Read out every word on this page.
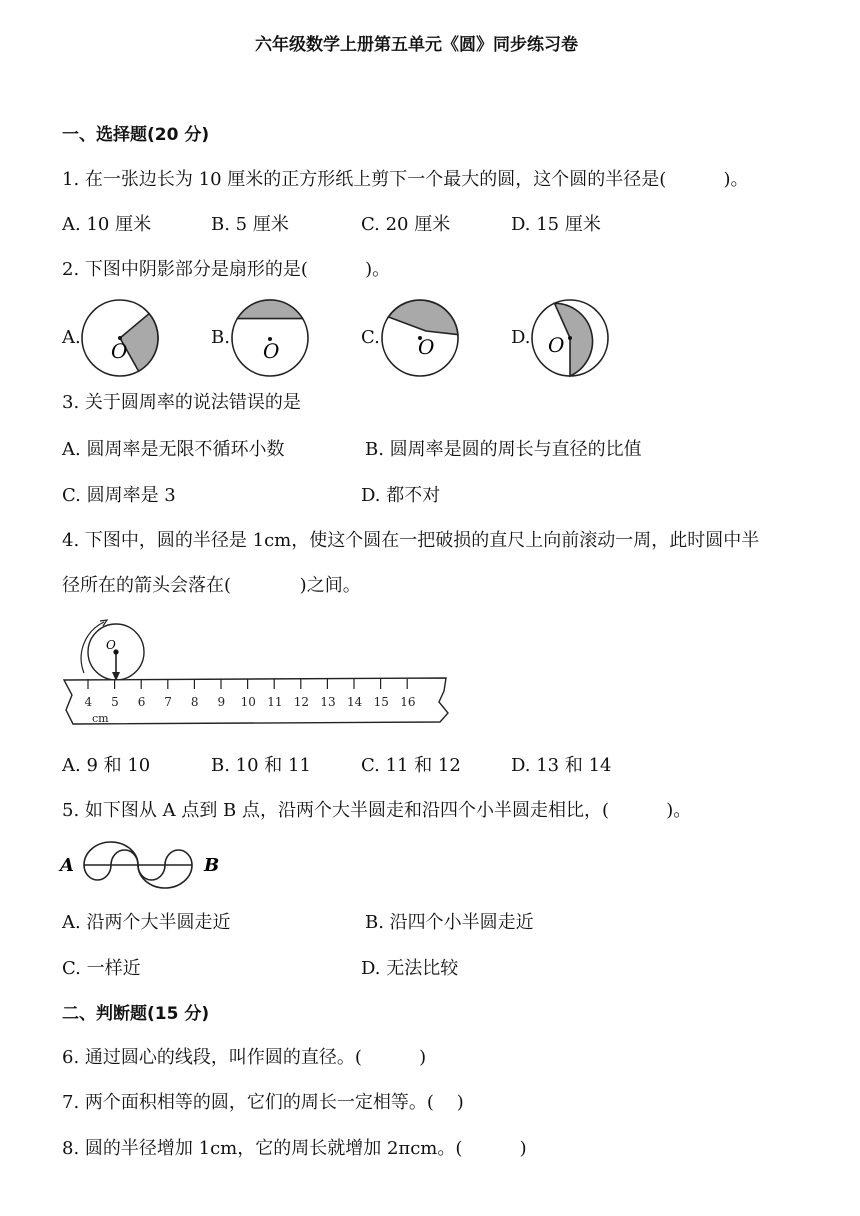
六年级数学上册第五单元《圆》同步练习卷
一、选择题(20 分)
1. 在一张边长为 10 厘米的正方形纸上剪下一个最大的圆，这个圆的半径是(          )。
A. 10 厘米	B. 5 厘米	C. 20 厘米	D. 15 厘米
2. 下图中阴影部分是扇形的是(          )。
A.	B.	C.	D.
O	O	O	O
3. 关于圆周率的说法错误的是
A. 圆周率是无限不循环小数	B. 圆周率是圆的周长与直径的比值
C. 圆周率是 3	D. 都不对
4. 下图中，圆的半径是 1cm，使这个圆在一把破损的直尺上向前滚动一周，此时圆中半
径所在的箭头会落在(            )之间。
O
4 5 6 7 8 9 10 11 12 13 14 15 16
cm
A. 9 和 10	B. 10 和 11	C. 11 和 12	D. 13 和 14
5. 如下图从 A 点到 B 点，沿两个大半圆走和沿四个小半圆走相比，(          )。
A	B
A. 沿两个大半圆走近	B. 沿四个小半圆走近
C. 一样近	D. 无法比较
二、判断题(15 分)
6. 通过圆心的线段，叫作圆的直径。(          )
7. 两个面积相等的圆，它们的周长一定相等。(    )
8. 圆的半径增加 1cm，它的周长就增加 2πcm。(          )
